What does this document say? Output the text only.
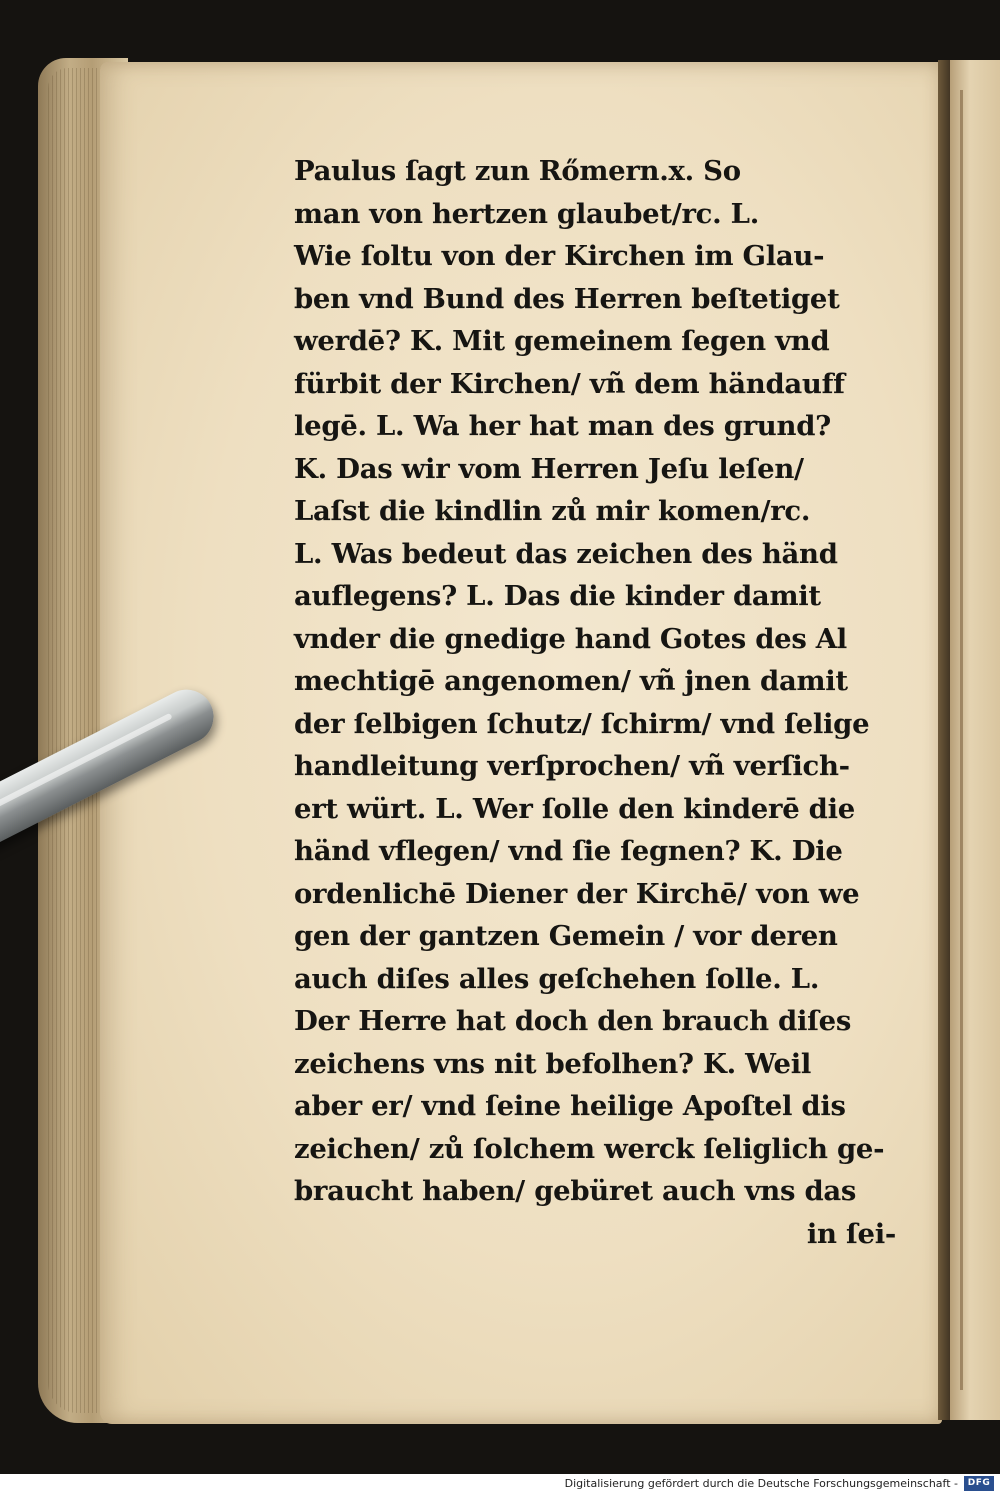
Paulus ſagt zun Rőmern.x. So
man von hertzen glaubet/rc. L.
Wie ſoltu von der Kirchen im Glau-
ben vnd Bund des Herren beſtetiget
werdē? K. Mit gemeinem ſegen vnd
fürbit der Kirchen/ vñ dem händauff
legē. L. Wa her hat man des grund?
K. Das wir vom Herren Jeſu leſen/
Laſst die kindlin zů mir komen/rc.
L. Was bedeut das zeichen des händ
auflegens? L. Das die kinder damit
vnder die gnedige hand Gotes des Al
mechtigē angenomen/ vñ jnen damit
der ſelbigen ſchutz/ ſchirm/ vnd ſelige
handleitung verſprochen/ vñ verſich-
ert würt. L. Wer ſolle den kinderē die
händ vflegen/ vnd ſie ſegnen? K. Die
ordenlichē Diener der Kirchē/ von we
gen der gantzen Gemein / vor deren
auch diſes alles geſchehen ſolle. L.
Der Herre hat doch den brauch diſes
zeichens vns nit befolhen? K. Weil
aber er/ vnd ſeine heilige Apoſtel dis
zeichen/ zů ſolchem werck ſeliglich ge-
braucht haben/ gebüret auch vns das
in ſei-
Digitalisierung gefördert durch die Deutsche Forschungsgemeinschaft -	DFG
